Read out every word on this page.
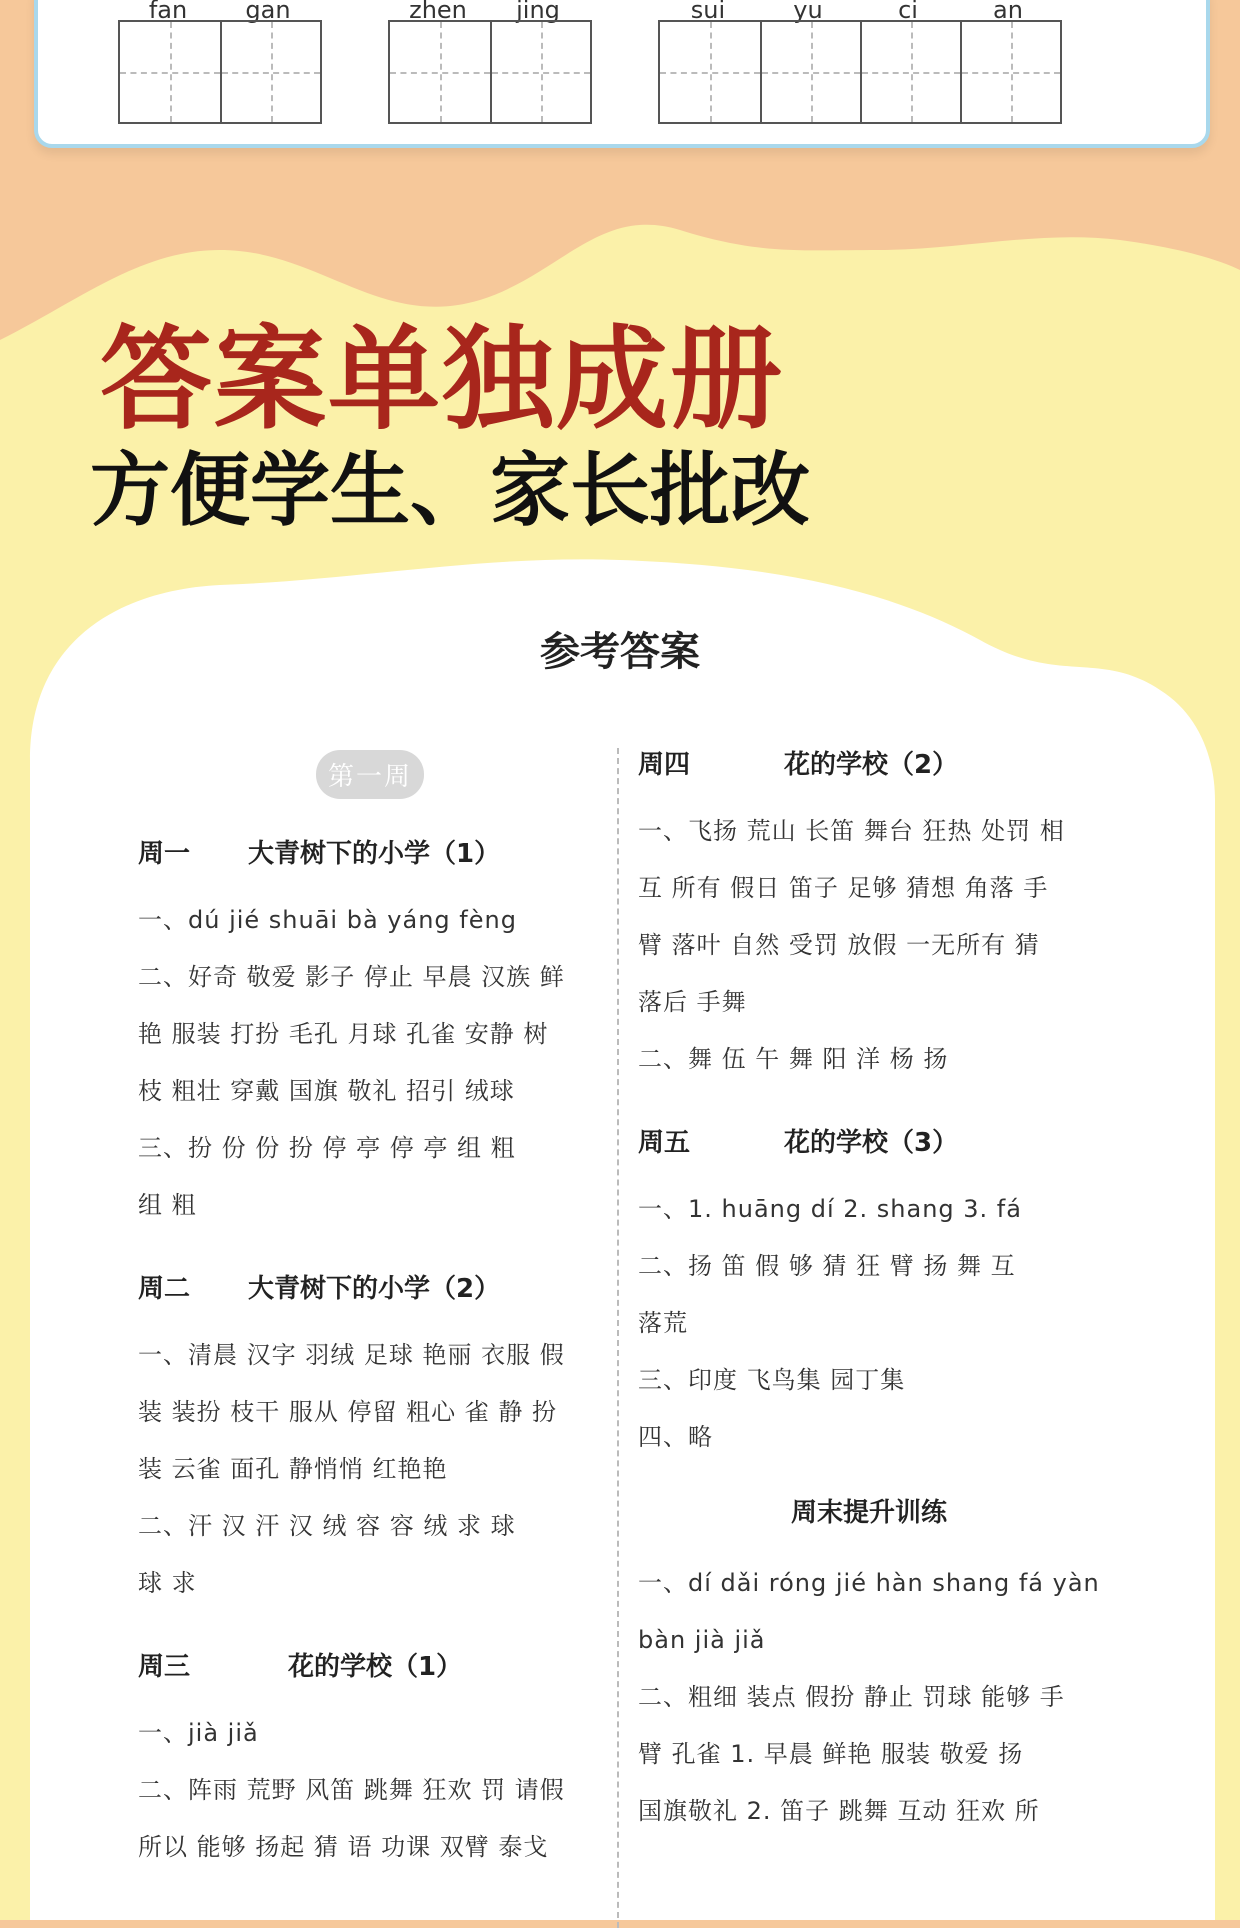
fan	gan	zhen	jing	sui	yu	ci	an
答案单独成册
方便学生、家长批改
参考答案
第一周
周一	大青树下的小学（1）

一、dú jié shuāi bà yáng fèng

二、好奇 敬爱 影子 停止 早晨 汉族 鲜

艳 服装 打扮 毛孔 月球 孔雀 安静 树

枝 粗壮 穿戴 国旗 敬礼 招引 绒球

三、扮 份 份 扮 停 亭 停 亭 组 粗

组 粗

周二	大青树下的小学（2）

一、清晨 汉字 羽绒 足球 艳丽 衣服 假

装 装扮 枝干 服从 停留 粗心 雀 静 扮

装 云雀 面孔 静悄悄 红艳艳

二、汗 汉 汗 汉 绒 容 容 绒 求 球

球 求

周三	花的学校（1）

一、jià jiǎ

二、阵雨 荒野 风笛 跳舞 狂欢 罚 请假

所以 能够 扬起 猜 语 功课 双臂 泰戈

周四	花的学校（2）

一、飞扬 荒山 长笛 舞台 狂热 处罚 相

互 所有 假日 笛子 足够 猜想 角落 手

臂 落叶 自然 受罚 放假 一无所有 猜

落后 手舞

二、舞 伍 午 舞 阳 洋 杨 扬

周五	花的学校（3）

一、1. huāng dí 2. shang 3. fá

二、扬 笛 假 够 猜 狂 臂 扬 舞 互

落荒

三、印度 飞鸟集 园丁集

四、略

周末提升训练

一、dí dǎi róng jié hàn shang fá yàn

bàn jià jiǎ

二、粗细 装点 假扮 静止 罚球 能够 手

臂 孔雀 1. 早晨 鲜艳 服装 敬爱 扬

国旗敬礼 2. 笛子 跳舞 互动 狂欢 所
